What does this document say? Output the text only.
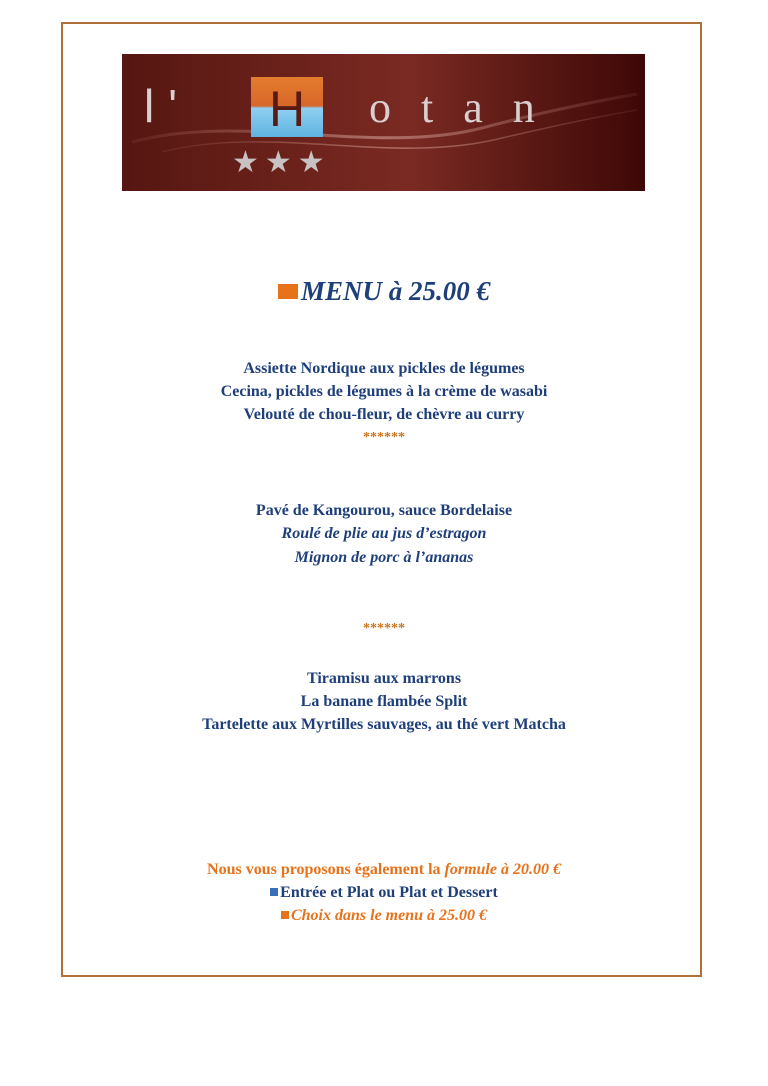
l' H otan
★★★
MENU à 25.00 €
Assiette Nordique aux pickles de légumes
Cecina, pickles de légumes à la crème de wasabi
Velouté de chou-fleur, de chèvre au curry
******
Pavé de Kangourou, sauce Bordelaise
Roulé de plie au jus d’estragon
Mignon de porc à l’ananas
******
Tiramisu aux marrons
La banane flambée Split
Tartelette aux Myrtilles sauvages, au thé vert Matcha
Nous vous proposons également la formule à 20.00 €
Entrée et Plat ou Plat et Dessert
Choix dans le menu à 25.00 €
